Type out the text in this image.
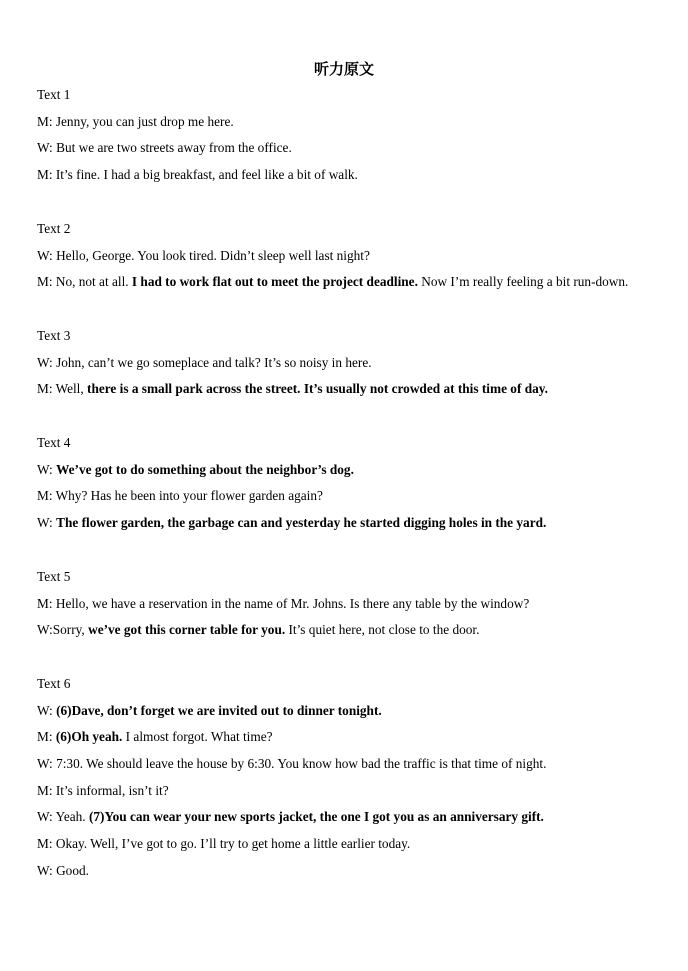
听力原文
Text 1
M: Jenny, you can just drop me here.
W: But we are two streets away from the office.
M: It’s fine. I had a big breakfast, and feel like a bit of walk.
Text 2
W: Hello, George. You look tired. Didn’t sleep well last night?
M: No, not at all. I had to work flat out to meet the project deadline. Now I’m really feeling a bit run-down.
Text 3
W: John, can’t we go someplace and talk? It’s so noisy in here.
M: Well, there is a small park across the street. It’s usually not crowded at this time of day.
Text 4
W: We’ve got to do something about the neighbor’s dog.
M: Why? Has he been into your flower garden again?
W: The flower garden, the garbage can and yesterday he started digging holes in the yard.
Text 5
M: Hello, we have a reservation in the name of Mr. Johns. Is there any table by the window?
W:Sorry, we’ve got this corner table for you. It’s quiet here, not close to the door.
Text 6
W: (6)Dave, don’t forget we are invited out to dinner tonight.
M: (6)Oh yeah. I almost forgot. What time?
W: 7:30. We should leave the house by 6:30. You know how bad the traffic is that time of night.
M: It’s informal, isn’t it?
W: Yeah. (7)You can wear your new sports jacket, the one I got you as an anniversary gift.
M: Okay. Well, I’ve got to go. I’ll try to get home a little earlier today.
W: Good.
